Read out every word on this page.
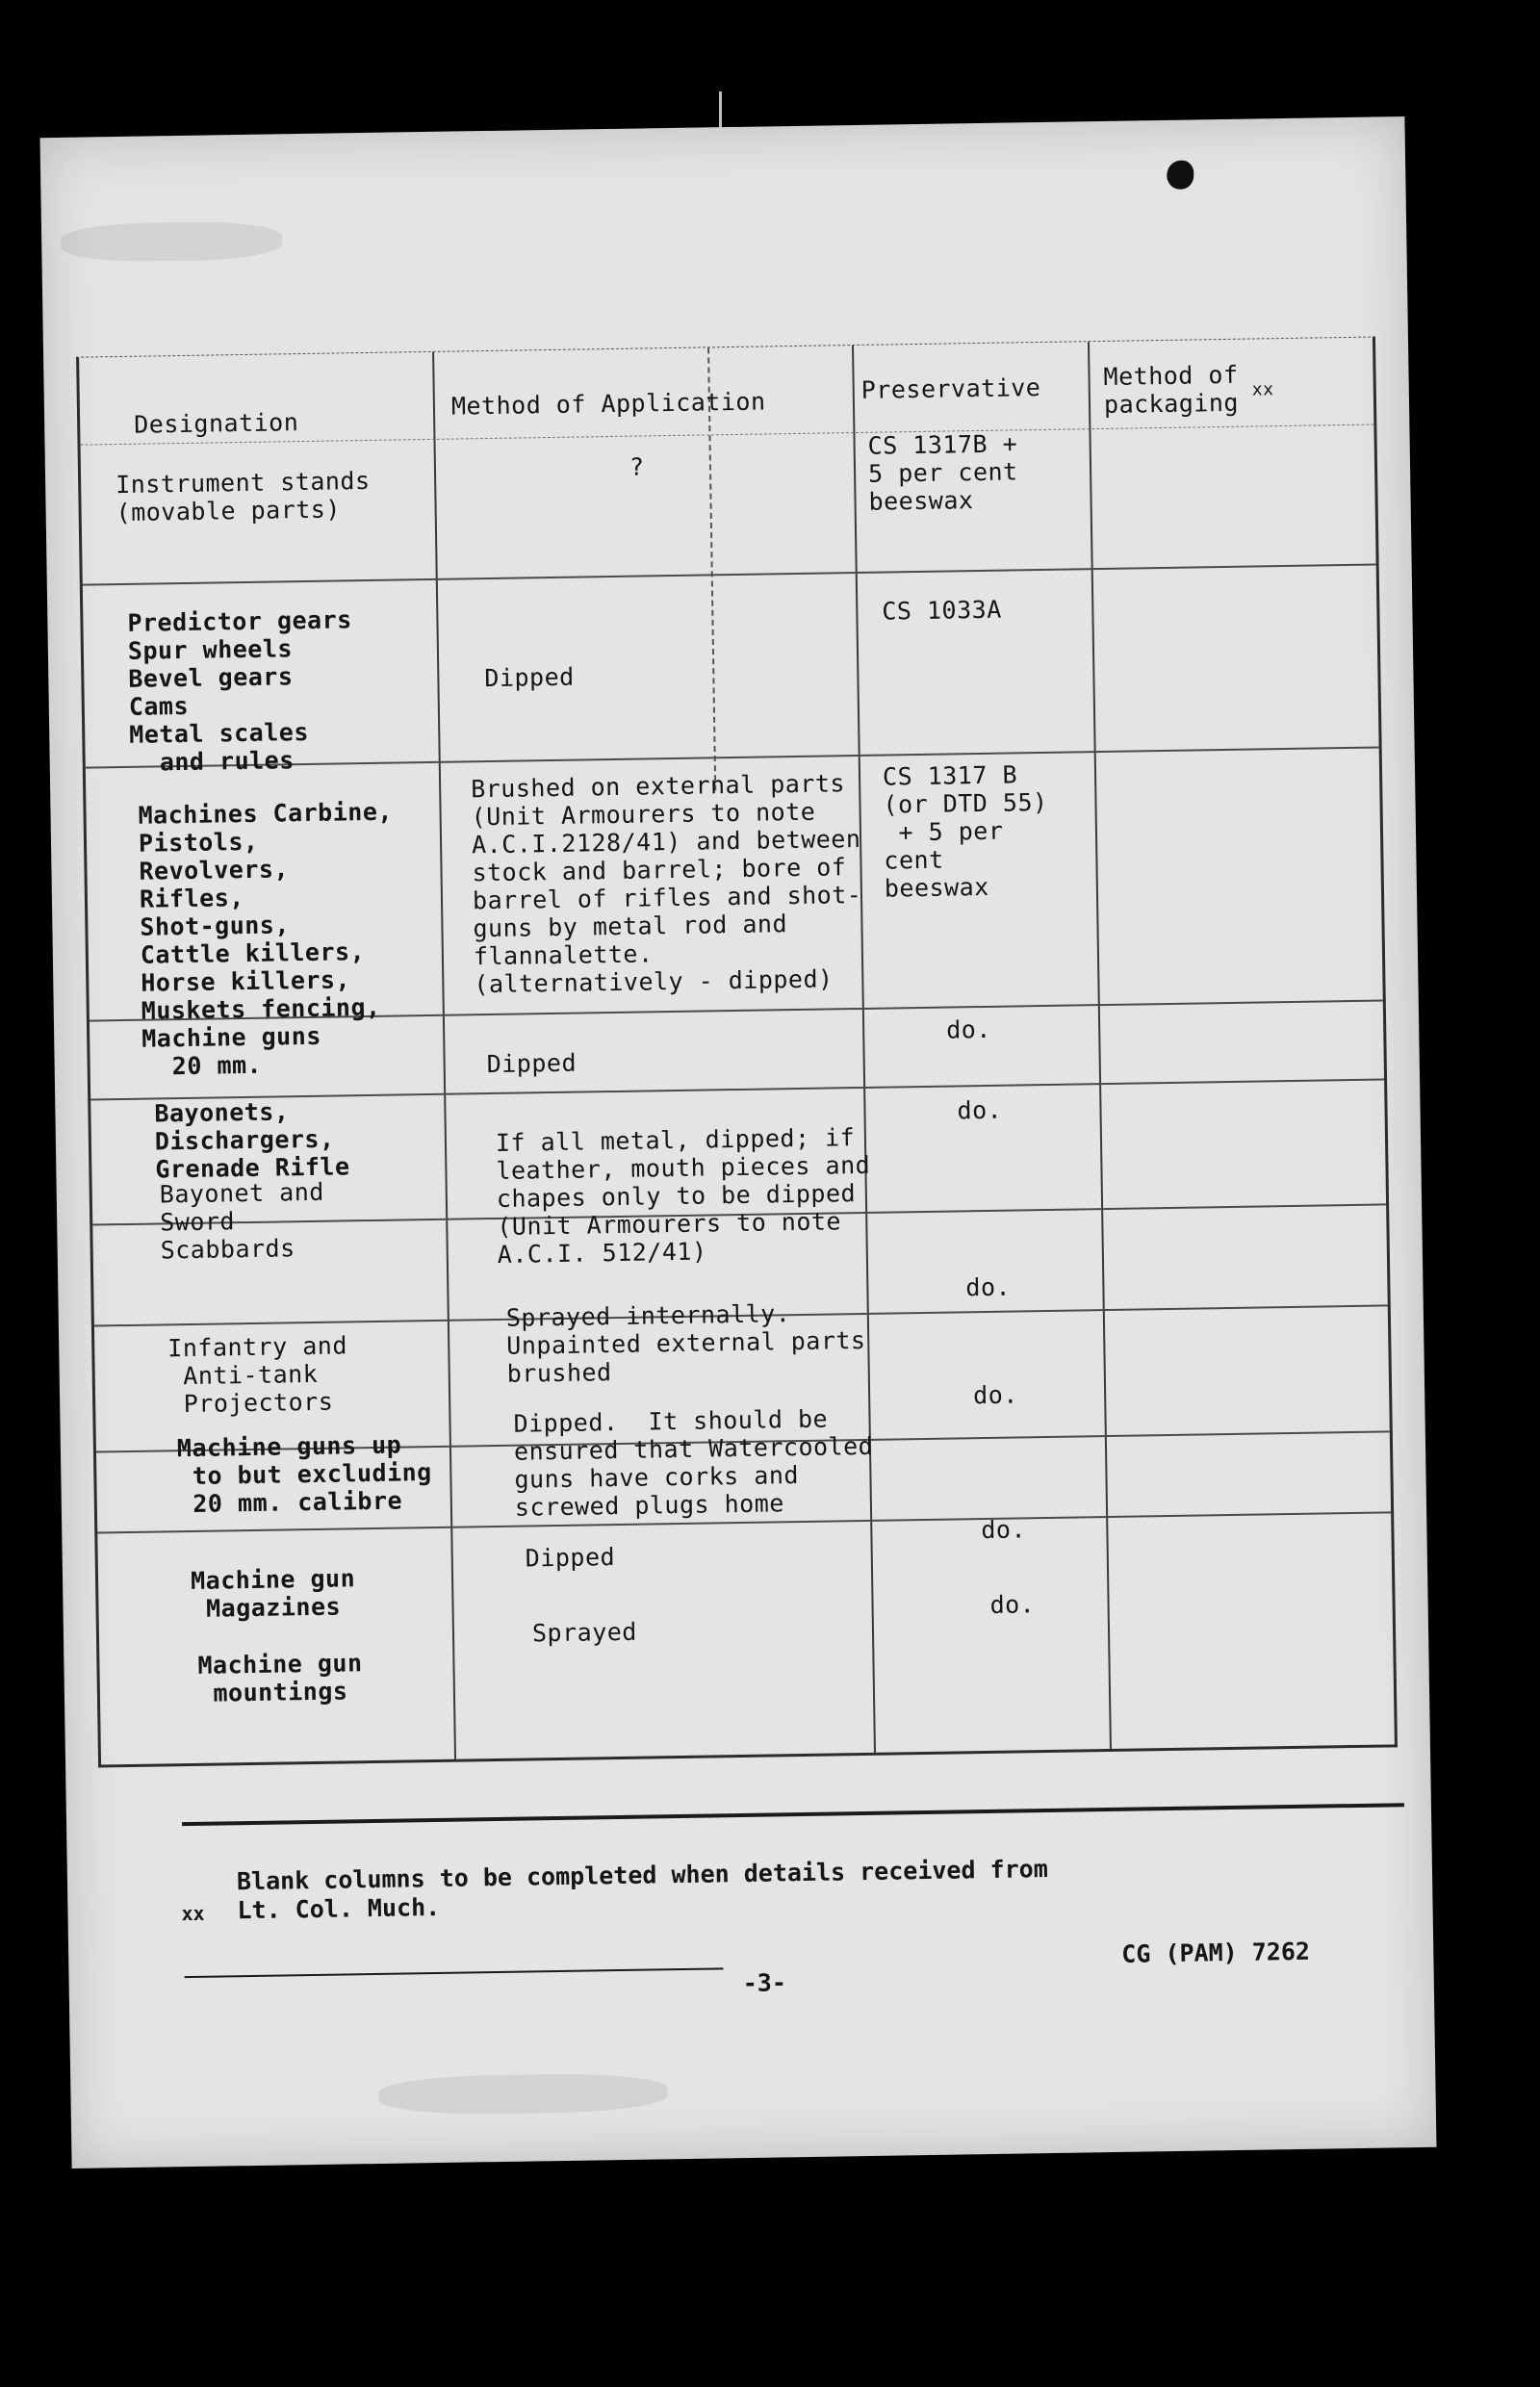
Designation
Method of Application	Preservative	Method of
packaging xx
Instrument stands
(movable parts)
?
CS 1317B +
5 per cent
beeswax
Predictor gears
Spur wheels
Bevel gears
Cams
Metal scales
and rules
Dipped
CS 1033A
Machines Carbine,
Pistols,
Revolvers,
Rifles,
Shot-guns,
Cattle killers,
Horse killers,
Muskets fencing,
Machine guns
20 mm.
Brushed on external parts
(Unit Armourers to note
A.C.I.2128/41) and between
stock and barrel; bore of
barrel of rifles and shot-
guns by metal rod and
flannalette.
(alternatively - dipped)
CS 1317 B
(or DTD 55)
+ 5 per
cent
beeswax
Bayonets,
Dischargers,
Grenade Rifle
Dipped
do.
Bayonet and
Sword
Scabbards
If all metal, dipped; if
leather, mouth pieces and
chapes only to be dipped
(Unit Armourers to note
A.C.I. 512/41)
do.
Infantry and
Anti-tank
Projectors
Sprayed internally.
Unpainted external parts
brushed
do.
Machine guns up
to but excluding
20 mm. calibre
Dipped.  It should be
ensured that Watercooled
guns have corks and
screwed plugs home
do.
Machine gun
Magazines
Dipped
do.
Machine gun
mountings
Sprayed
do.
xx
Blank columns to be completed when details received from
Lt. Col. Much.
-3-
CG (PAM) 7262
